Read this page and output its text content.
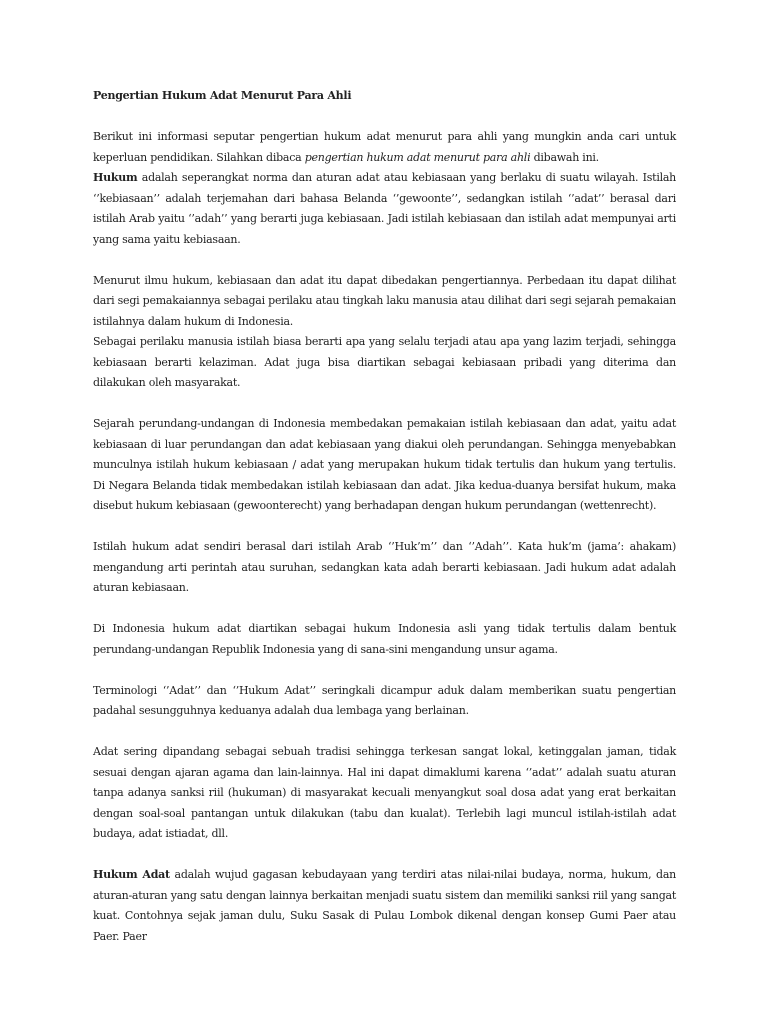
Pengertian Hukum Adat Menurut Para Ahli

Berikut ini informasi seputar pengertian hukum adat menurut para ahli yang mungkin anda cari untuk keperluan pendidikan. Silahkan dibaca pengertian hukum adat menurut para ahli dibawah ini.

Hukum adalah seperangkat norma dan aturan adat atau kebiasaan yang berlaku di suatu wilayah. Istilah ‘’kebiasaan’’ adalah terjemahan dari bahasa Belanda ‘’gewoonte’’, sedangkan istilah ‘’adat’’ berasal dari istilah Arab yaitu ‘’adah’’ yang berarti juga kebiasaan. Jadi istilah kebiasaan dan istilah adat mempunyai arti yang sama yaitu kebiasaan.

Menurut ilmu hukum, kebiasaan dan adat itu dapat dibedakan pengertiannya. Perbedaan itu dapat dilihat dari segi pemakaiannya sebagai perilaku atau tingkah laku manusia atau dilihat dari segi sejarah pemakaian istilahnya dalam hukum di Indonesia.

Sebagai perilaku manusia istilah biasa berarti apa yang selalu terjadi atau apa yang lazim terjadi, sehingga kebiasaan berarti kelaziman. Adat juga bisa diartikan sebagai kebiasaan pribadi yang diterima dan dilakukan oleh masyarakat.

Sejarah perundang-undangan di Indonesia membedakan pemakaian istilah kebiasaan dan adat, yaitu adat kebiasaan di luar perundangan dan adat kebiasaan yang diakui oleh perundangan. Sehingga menyebabkan munculnya istilah hukum kebiasaan / adat yang merupakan hukum tidak tertulis dan hukum yang tertulis. Di Negara Belanda tidak membedakan istilah kebiasaan dan adat. Jika kedua-duanya bersifat hukum, maka disebut hukum kebiasaan (gewoonterecht) yang berhadapan dengan hukum perundangan (wettenrecht).

Istilah hukum adat sendiri berasal dari istilah Arab ‘’Huk’m’’ dan ‘’Adah’’. Kata huk’m (jama’: ahakam) mengandung arti perintah atau suruhan, sedangkan kata adah berarti kebiasaan. Jadi hukum adat adalah aturan kebiasaan.

Di Indonesia hukum adat diartikan sebagai hukum Indonesia asli yang tidak tertulis dalam bentuk perundang-undangan Republik Indonesia yang di sana-sini mengandung unsur agama.

Terminologi ‘’Adat’’ dan ‘’Hukum Adat’’ seringkali dicampur aduk dalam memberikan suatu pengertian padahal sesungguhnya keduanya adalah dua lembaga yang berlainan.

Adat sering dipandang sebagai sebuah tradisi sehingga terkesan sangat lokal, ketinggalan jaman, tidak sesuai dengan ajaran agama dan lain-lainnya. Hal ini dapat dimaklumi karena ‘’adat’’ adalah suatu aturan tanpa adanya sanksi riil (hukuman) di masyarakat kecuali menyangkut soal dosa adat yang erat berkaitan dengan soal-soal pantangan untuk dilakukan (tabu dan kualat). Terlebih lagi muncul istilah-istilah adat budaya, adat istiadat, dll.

Hukum Adat adalah wujud gagasan kebudayaan yang terdiri atas nilai-nilai budaya, norma, hukum, dan aturan-aturan yang satu dengan lainnya berkaitan menjadi suatu sistem dan memiliki sanksi riil yang sangat kuat. Contohnya sejak jaman dulu, Suku Sasak di Pulau Lombok dikenal dengan konsep Gumi Paer atau Paer. Paer
